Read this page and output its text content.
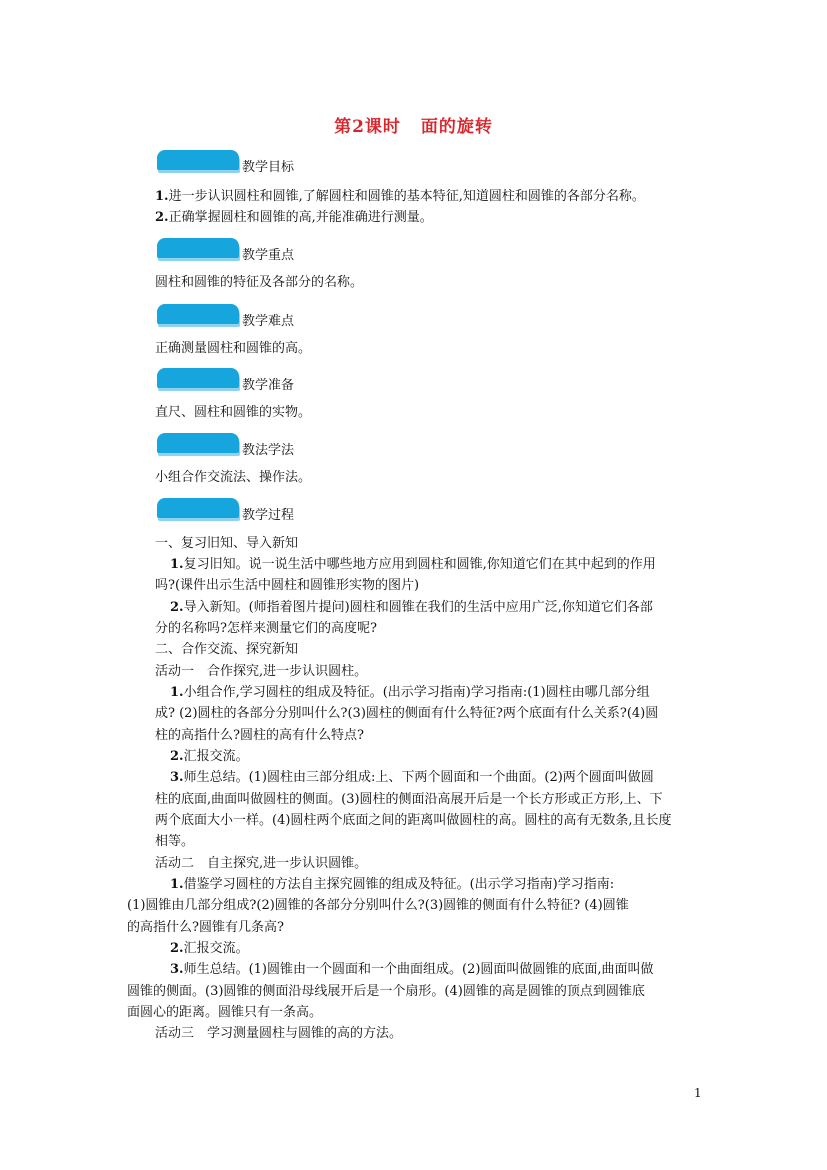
第2课时 面的旋转
教学目标
1.进一步认识圆柱和圆锥,了解圆柱和圆锥的基本特征,知道圆柱和圆锥的各部分名称。
2.正确掌握圆柱和圆锥的高,并能准确进行测量。
教学重点
圆柱和圆锥的特征及各部分的名称。
教学难点
正确测量圆柱和圆锥的高。
教学准备
直尺、圆柱和圆锥的实物。
教法学法
小组合作交流法、操作法。
教学过程
一、复习旧知、导入新知
1.复习旧知。说一说生活中哪些地方应用到圆柱和圆锥,你知道它们在其中起到的作用
吗?(课件出示生活中圆柱和圆锥形实物的图片)
2.导入新知。(师指着图片提问)圆柱和圆锥在我们的生活中应用广泛,你知道它们各部
分的名称吗?怎样来测量它们的高度呢?
二、合作交流、探究新知
活动一　合作探究,进一步认识圆柱。
1.小组合作,学习圆柱的组成及特征。(出示学习指南)学习指南:(1)圆柱由哪几部分组
成? (2)圆柱的各部分分别叫什么?(3)圆柱的侧面有什么特征?两个底面有什么关系?(4)圆
柱的高指什么?圆柱的高有什么特点?
2.汇报交流。
3.师生总结。(1)圆柱由三部分组成:上、下两个圆面和一个曲面。(2)两个圆面叫做圆
柱的底面,曲面叫做圆柱的侧面。(3)圆柱的侧面沿高展开后是一个长方形或正方形,上、下
两个底面大小一样。(4)圆柱两个底面之间的距离叫做圆柱的高。圆柱的高有无数条,且长度
相等。
活动二　自主探究,进一步认识圆锥。
1.借鉴学习圆柱的方法自主探究圆锥的组成及特征。(出示学习指南)学习指南:
(1)圆锥由几部分组成?(2)圆锥的各部分分别叫什么?(3)圆锥的侧面有什么特征? (4)圆锥
的高指什么?圆锥有几条高?
2.汇报交流。
3.师生总结。(1)圆锥由一个圆面和一个曲面组成。(2)圆面叫做圆锥的底面,曲面叫做
圆锥的侧面。(3)圆锥的侧面沿母线展开后是一个扇形。(4)圆锥的高是圆锥的顶点到圆锥底
面圆心的距离。圆锥只有一条高。
活动三　学习测量圆柱与圆锥的高的方法。
1
